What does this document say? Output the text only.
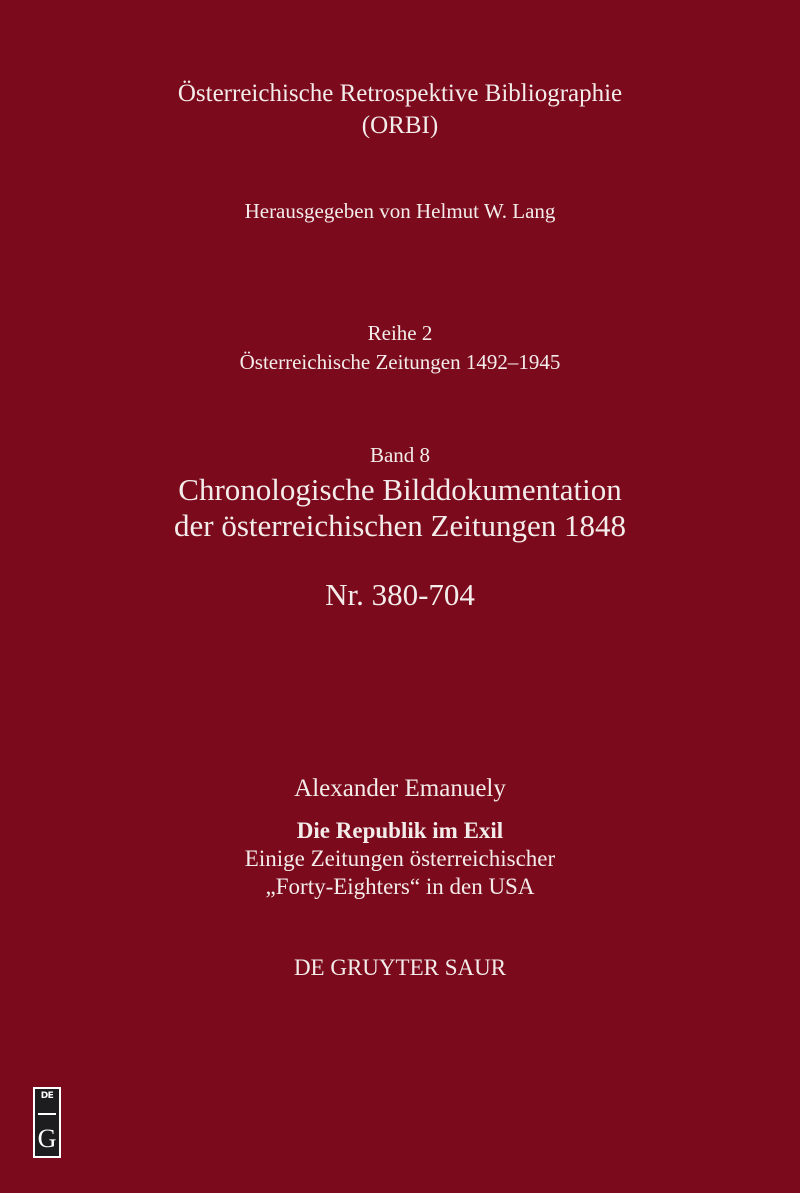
Österreichische Retrospektive Bibliographie
(ORBI)
Herausgegeben von Helmut W. Lang
Reihe 2
Österreichische Zeitungen 1492–1945
Band 8
Chronologische Bilddokumentation
der österreichischen Zeitungen 1848
Nr. 380-704
Alexander Emanuely
Die Republik im Exil
Einige Zeitungen österreichischer
„Forty-Eighters“ in den USA
DE GRUYTER SAUR
DE
G
